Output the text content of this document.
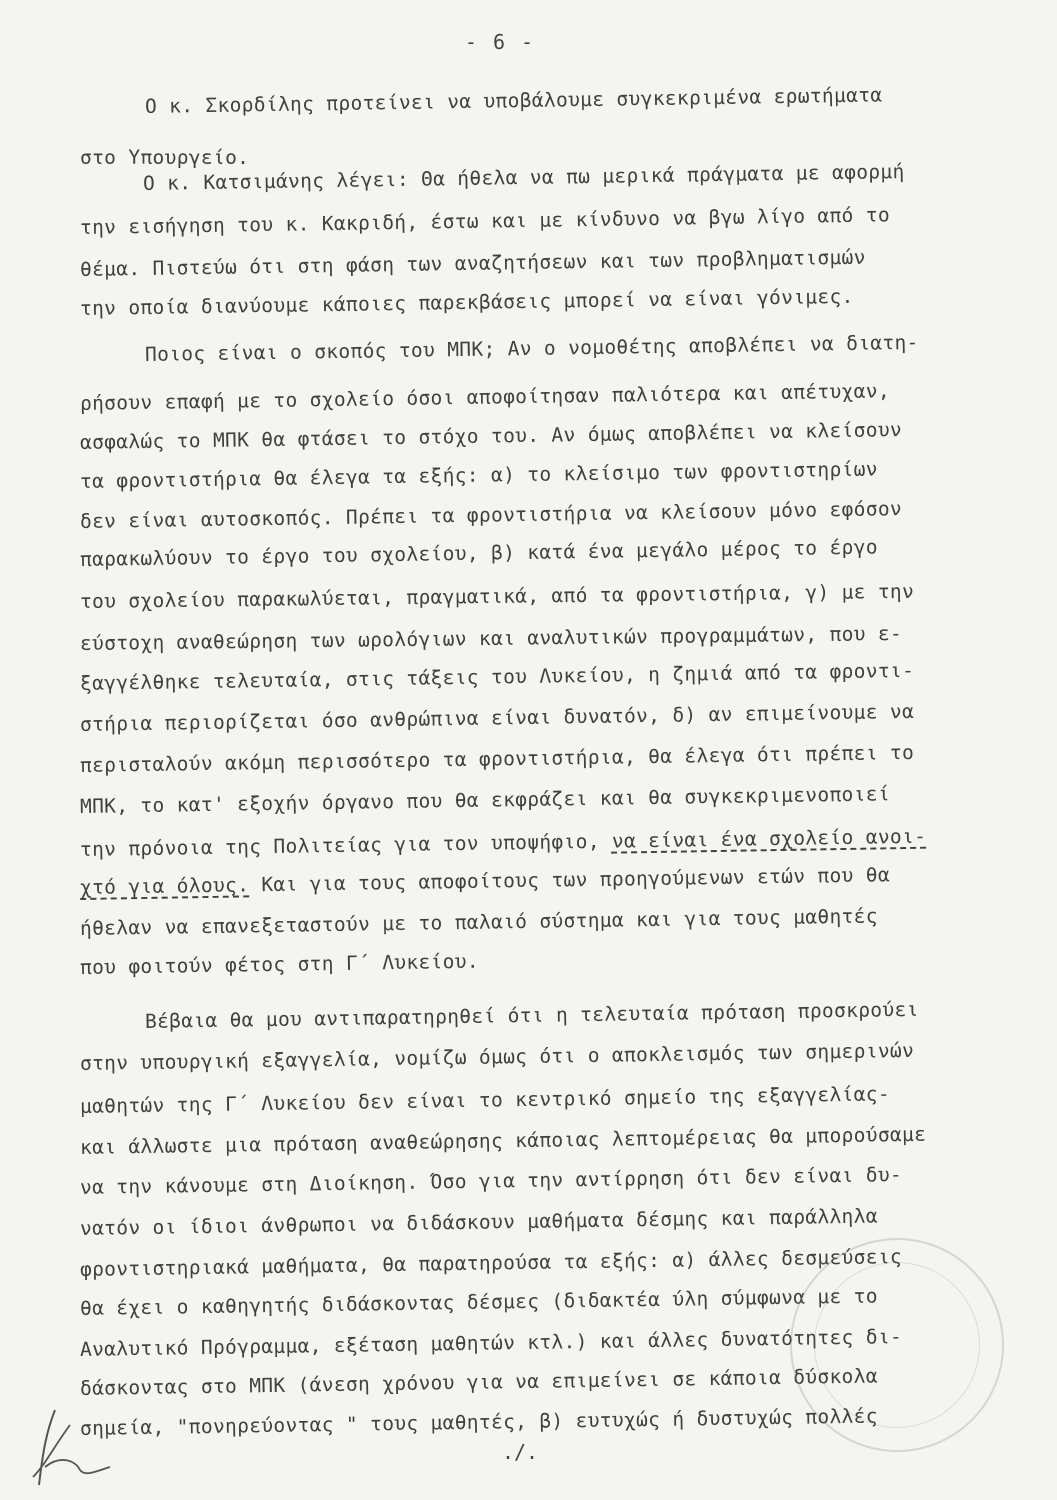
- 6 -
Ο κ. Σκορδίλης προτείνει να υποβάλουμε συγκεκριμένα ερωτήματα
στο Υπουργείο.
Ο κ. Κατσιμάνης λέγει: Θα ήθελα να πω μερικά πράγματα με αφορμή
την εισήγηση του κ. Κακριδή, έστω και με κίνδυνο να βγω λίγο από το
θέμα. Πιστεύω ότι στη φάση των αναζητήσεων και των προβληματισμών
την οποία διανύουμε κάποιες παρεκβάσεις μπορεί να είναι γόνιμες.
Ποιος είναι ο σκοπός του ΜΠΚ; Αν ο νομοθέτης αποβλέπει να διατη-
ρήσουν επαφή με το σχολείο όσοι αποφοίτησαν παλιότερα και απέτυχαν,
ασφαλώς το ΜΠΚ θα φτάσει το στόχο του. Αν όμως αποβλέπει να κλείσουν
τα φροντιστήρια θα έλεγα τα εξής: α) το κλείσιμο των φροντιστηρίων
δεν είναι αυτοσκοπός. Πρέπει τα φροντιστήρια να κλείσουν μόνο εφόσον
παρακωλύουν το έργο του σχολείου, β) κατά ένα μεγάλο μέρος το έργο
του σχολείου παρακωλύεται, πραγματικά, από τα φροντιστήρια, γ) με την
εύστοχη αναθεώρηση των ωρολόγιων και αναλυτικών προγραμμάτων, που ε-
ξαγγέλθηκε τελευταία, στις τάξεις του Λυκείου, η ζημιά από τα φροντι-
στήρια περιορίζεται όσο ανθρώπινα είναι δυνατόν, δ) αν επιμείνουμε να
περισταλούν ακόμη περισσότερο τα φροντιστήρια, θα έλεγα ότι πρέπει το
ΜΠΚ, το κατ' εξοχήν όργανο που θα εκφράζει και θα συγκεκριμενοποιεί
την πρόνοια της Πολιτείας για τον υποψήφιο, να είναι ένα σχολείο ανοι-
χτό για όλους. Και για τους αποφοίτους των προηγούμενων ετών που θα
ήθελαν να επανεξεταστούν με το παλαιό σύστημα και για τους μαθητές
που φοιτούν φέτος στη Γ΄ Λυκείου.
Βέβαια θα μου αντιπαρατηρηθεί ότι η τελευταία πρόταση προσκρούει
στην υπουργική εξαγγελία, νομίζω όμως ότι ο αποκλεισμός των σημερινών
μαθητών της Γ΄ Λυκείου δεν είναι το κεντρικό σημείο της εξαγγελίας-
και άλλωστε μια πρόταση αναθεώρησης κάποιας λεπτομέρειας θα μπορούσαμε
να την κάνουμε στη Διοίκηση. Όσο για την αντίρρηση ότι δεν είναι δυ-
νατόν οι ίδιοι άνθρωποι να διδάσκουν μαθήματα δέσμης και παράλληλα
φροντιστηριακά μαθήματα, θα παρατηρούσα τα εξής: α) άλλες δεσμεύσεις
θα έχει ο καθηγητής διδάσκοντας δέσμες (διδακτέα ύλη σύμφωνα με το
Αναλυτικό Πρόγραμμα, εξέταση μαθητών κτλ.) και άλλες δυνατότητες δι-
δάσκοντας στο ΜΠΚ (άνεση χρόνου για να επιμείνει σε κάποια δύσκολα
σημεία, "πονηρεύοντας " τους μαθητές, β) ευτυχώς ή δυστυχώς πολλές
./.
